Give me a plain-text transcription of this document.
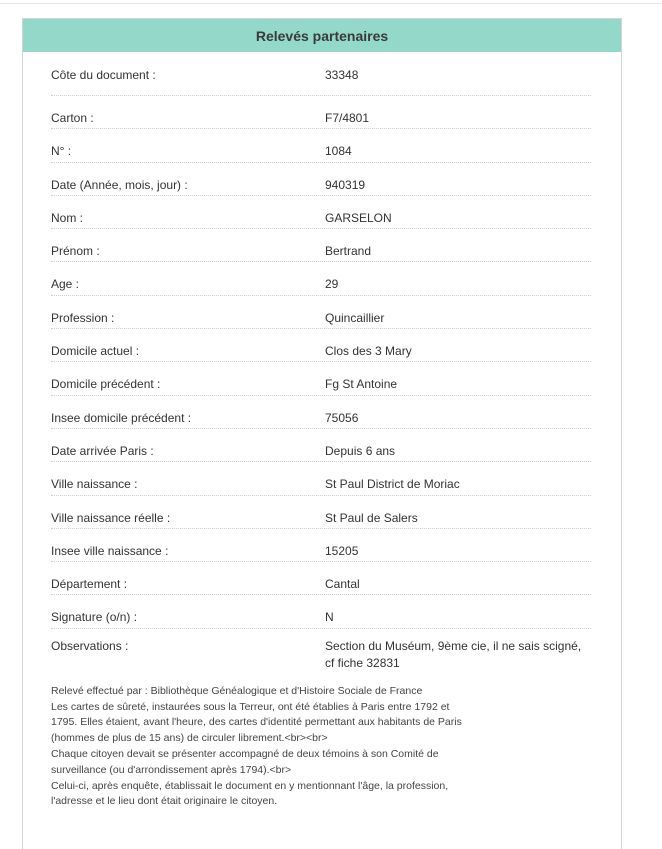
Relevés partenaires
Côte du document :	33348
Carton :	F7/4801
N° :	1084
Date (Année, mois, jour) :	940319
Nom :	GARSELON
Prénom :	Bertrand
Age :	29
Profession :	Quincaillier
Domicile actuel :	Clos des 3 Mary
Domicile précédent :	Fg St Antoine
Insee domicile précédent :	75056
Date arrivée Paris :	Depuis 6 ans
Ville naissance :	St Paul District de Moriac
Ville naissance réelle :	St Paul de Salers
Insee ville naissance :	15205
Département :	Cantal
Signature (o/n) :	N
Observations :	Section du Muséum, 9ème cie, il ne sais scigné, cf fiche 32831

Relevé effectué par : Bibliothèque Généalogique et d'Histoire Sociale de France

Les cartes de sûreté, instaurées sous la Terreur, ont été établies à Paris entre 1792 et

1795. Elles étaient, avant l'heure, des cartes d'identité permettant aux habitants de Paris

(hommes de plus de 15 ans) de circuler librement.<br><br>

Chaque citoyen devait se présenter accompagné de deux témoins à son Comité de

surveillance (ou d'arrondissement après 1794).<br>

Celui-ci, après enquête, établissait le document en y mentionnant l'âge, la profession,

l'adresse et le lieu dont était originaire le citoyen.
